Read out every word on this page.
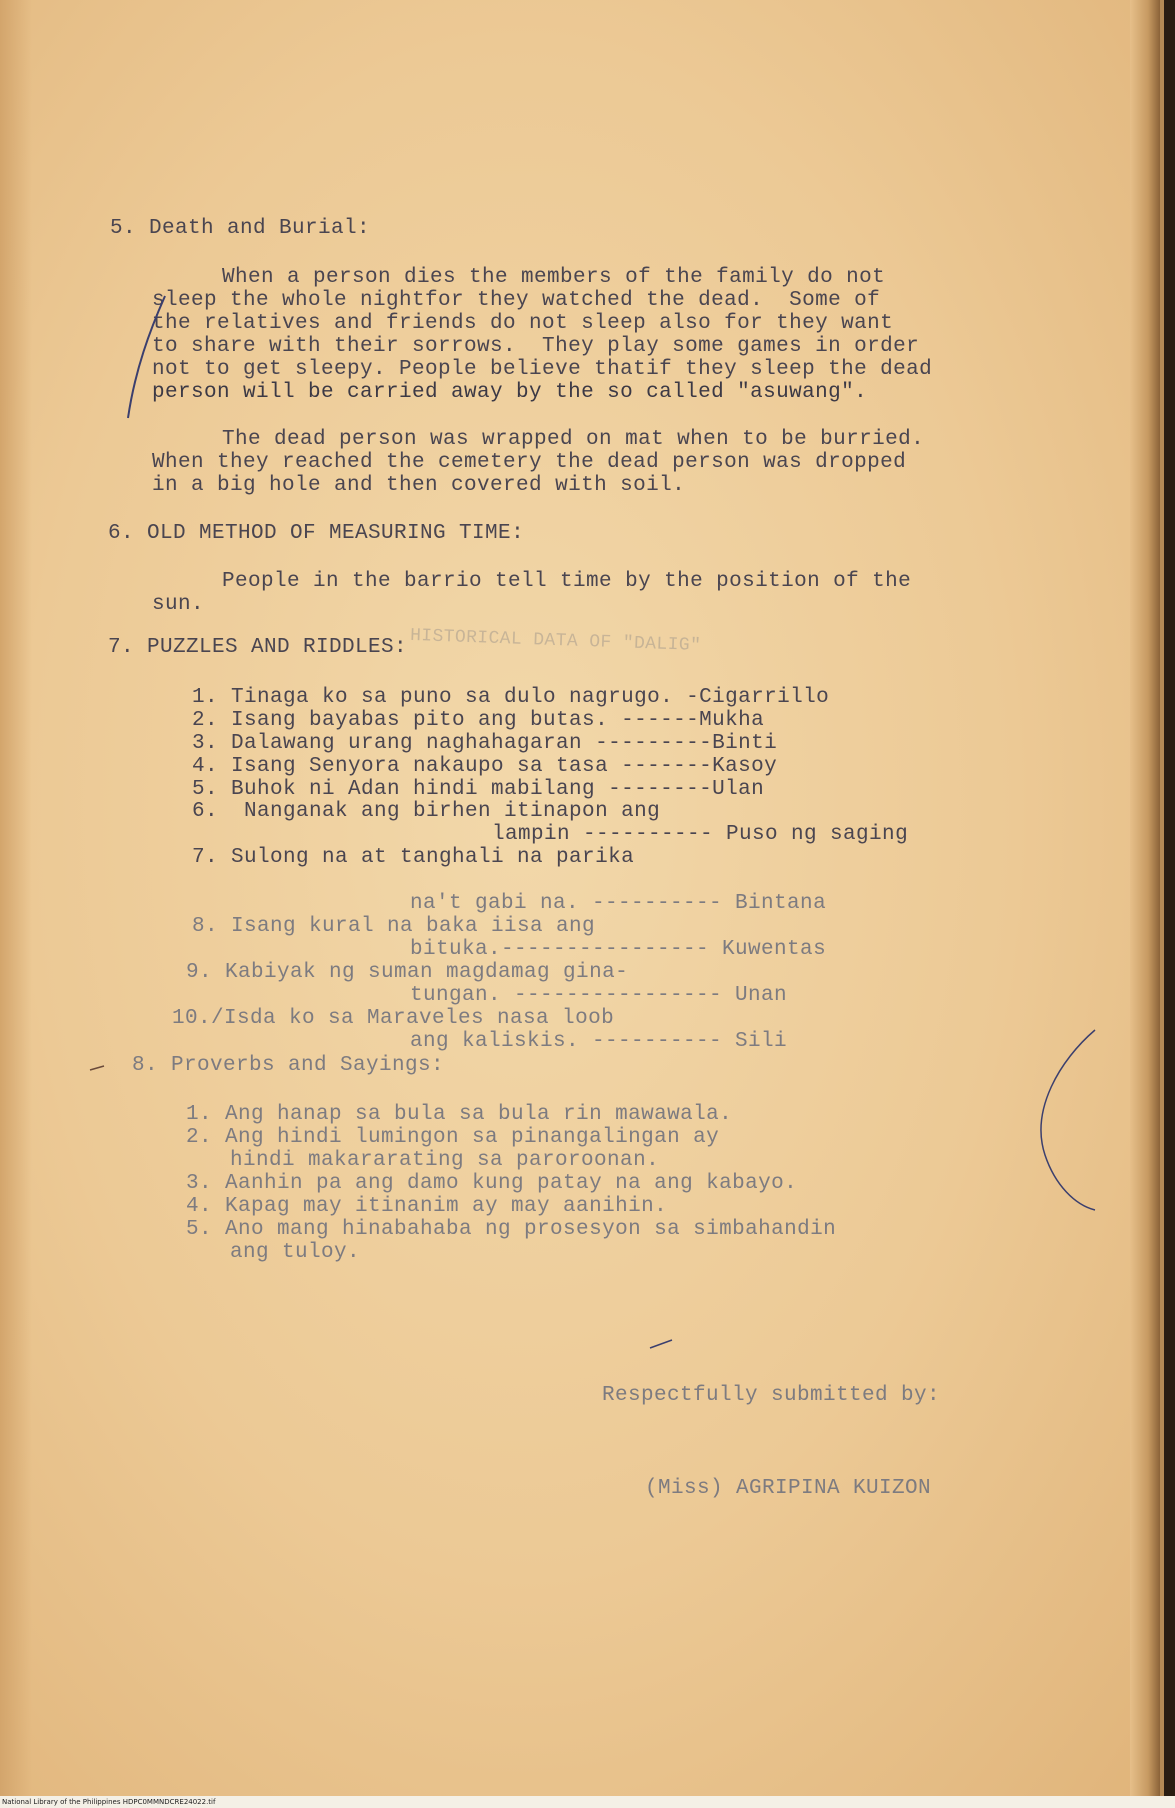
HISTORICAL DATA OF "DALIG"
5. Death and Burial:
When a person dies the members of the family do not
sleep the whole nightfor they watched the dead.  Some of
the relatives and friends do not sleep also for they want
to share with their sorrows.  They play some games in order
not to get sleepy. People believe thatif they sleep the dead
person will be carried away by the so called "asuwang".
The dead person was wrapped on mat when to be burried.
When they reached the cemetery the dead person was dropped
in a big hole and then covered with soil.
6. OLD METHOD OF MEASURING TIME:
People in the barrio tell time by the position of the
sun.
7. PUZZLES AND RIDDLES:
1. Tinaga ko sa puno sa dulo nagrugo. -Cigarrillo
2. Isang bayabas pito ang butas. ------Mukha
3. Dalawang urang naghahagaran ---------Binti
4. Isang Senyora nakaupo sa tasa -------Kasoy
5. Buhok ni Adan hindi mabilang --------Ulan
6.  Nanganak ang birhen itinapon ang
lampin ---------- Puso ng saging
7. Sulong na at tanghali na parika
na't gabi na. ---------- Bintana
8. Isang kural na baka iisa ang
bituka.---------------- Kuwentas
9. Kabiyak ng suman magdamag gina-
tungan. ---------------- Unan
10./Isda ko sa Maraveles nasa loob
ang kaliskis. ---------- Sili
8. Proverbs and Sayings:
1. Ang hanap sa bula sa bula rin mawawala.
2. Ang hindi lumingon sa pinangalingan ay
hindi makararating sa paroroonan.
3. Aanhin pa ang damo kung patay na ang kabayo.
4. Kapag may itinanim ay may aanihin.
5. Ano mang hinabahaba ng prosesyon sa simbahandin
ang tuloy.
Respectfully submitted by:
(Miss) AGRIPINA KUIZON
National Library of the Philippines HDPC0MMNDCRE24022.tif
